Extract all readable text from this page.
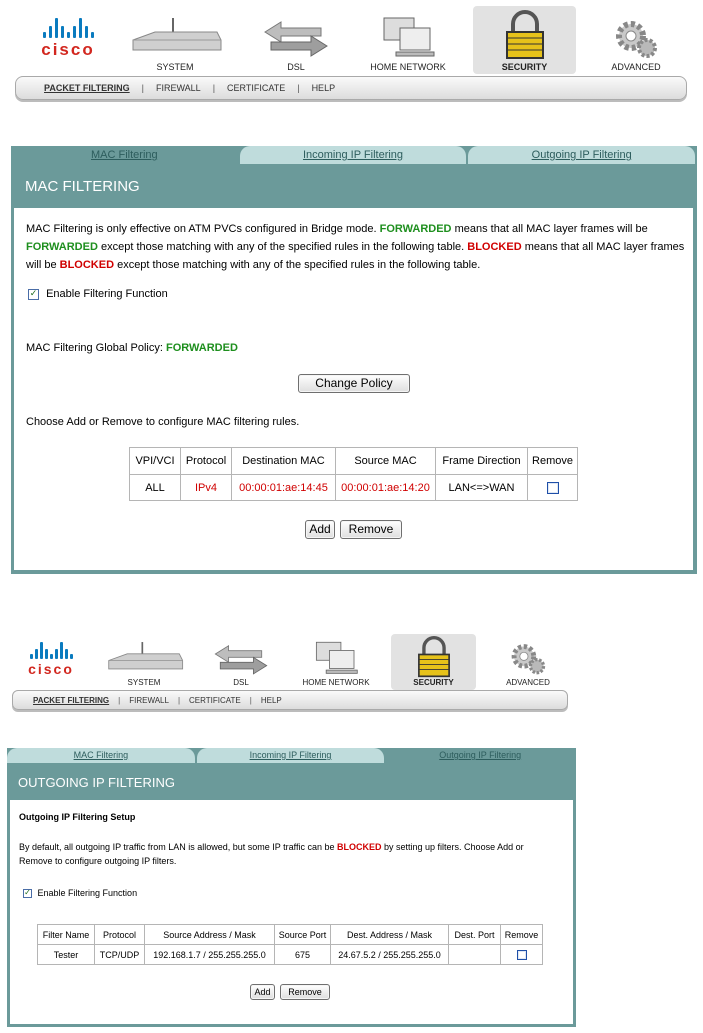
cisco
SYSTEM	DSL	HOME NETWORK	SECURITY	ADVANCED
PACKET FILTERING | FIREWALL | CERTIFICATE | HELP
MAC Filtering	Incoming IP Filtering	Outgoing IP Filtering
MAC FILTERING
MAC Filtering is only effective on ATM PVCs configured in Bridge mode. FORWARDED means that all MAC layer frames will be FORWARDED except those matching with any of the specified rules in the following table. BLOCKED means that all MAC layer frames will be BLOCKED except those matching with any of the specified rules in the following table.
✓ Enable Filtering Function
MAC Filtering Global Policy: FORWARDED
Change Policy
Choose Add or Remove to configure MAC filtering rules.
VPI/VCI	Protocol	Destination MAC	Source MAC	Frame Direction	Remove
ALL	IPv4	00:00:01:ae:14:45	00:00:01:ae:14:20	LAN<=>WAN	
Add	Remove
cisco
SYSTEM	DSL	HOME NETWORK	SECURITY	ADVANCED
PACKET FILTERING | FIREWALL | CERTIFICATE | HELP
MAC Filtering	Incoming IP Filtering	Outgoing IP Filtering
OUTGOING IP FILTERING
Outgoing IP Filtering Setup
By default, all outgoing IP traffic from LAN is allowed, but some IP traffic can be BLOCKED by setting up filters. Choose Add or Remove to configure outgoing IP filters.
✓ Enable Filtering Function
Filter Name	Protocol	Source Address / Mask	Source Port	Dest. Address / Mask	Dest. Port	Remove
Tester	TCP/UDP	192.168.1.7 / 255.255.255.0	675	24.67.5.2 / 255.255.255.0		
Add	Remove
